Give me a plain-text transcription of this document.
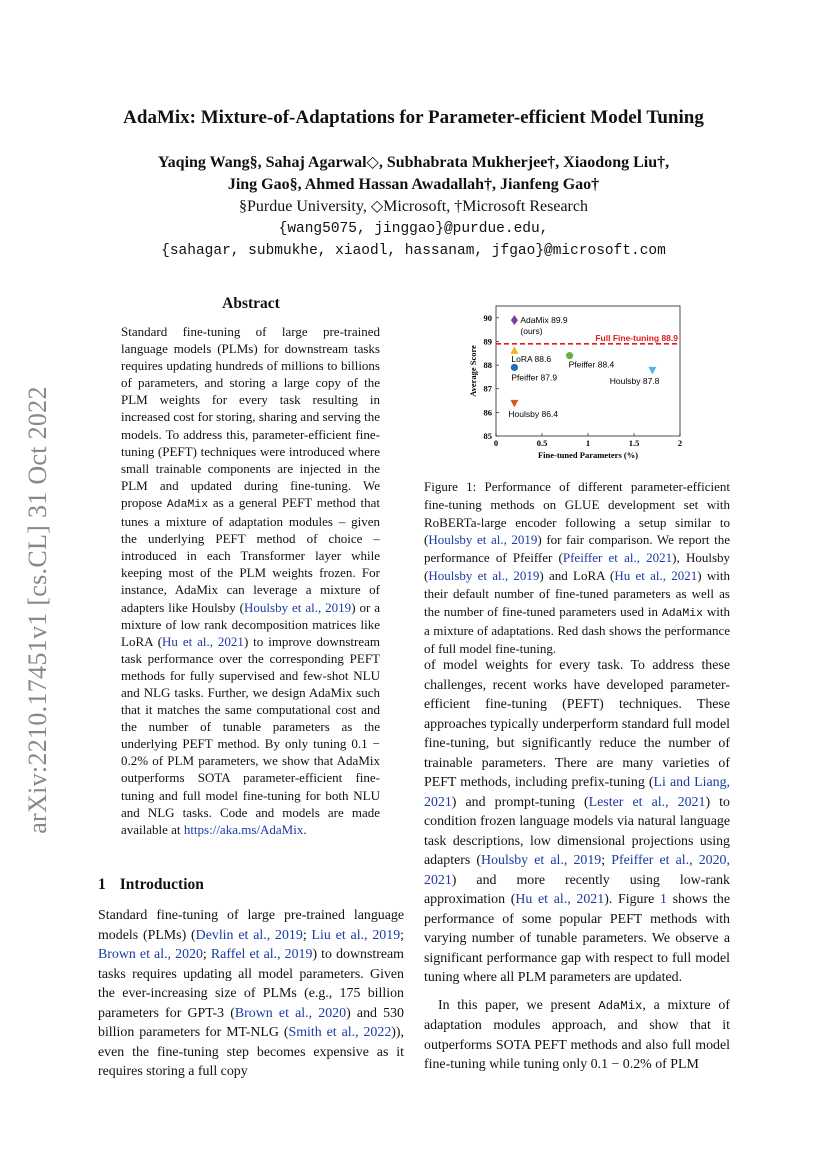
arXiv:2210.17451v1 [cs.CL] 31 Oct 2022
AdaMix: Mixture-of-Adaptations for Parameter-efficient Model Tuning
Yaqing Wang§, Sahaj Agarwal◇, Subhabrata Mukherjee†, Xiaodong Liu†,
Jing Gao§, Ahmed Hassan Awadallah†, Jianfeng Gao†
§Purdue University, ◇Microsoft, †Microsoft Research
{wang5075, jinggao}@purdue.edu,
{sahagar, submukhe, xiaodl, hassanam, jfgao}@microsoft.com
Abstract
Standard fine-tuning of large pre-trained language models (PLMs) for downstream tasks requires updating hundreds of millions to billions of parameters, and storing a large copy of the PLM weights for every task resulting in increased cost for storing, sharing and serving the models. To address this, parameter-efficient fine-tuning (PEFT) techniques were introduced where small trainable components are injected in the PLM and updated during fine-tuning. We propose AdaMix as a general PEFT method that tunes a mixture of adaptation modules – given the underlying PEFT method of choice – introduced in each Transformer layer while keeping most of the PLM weights frozen. For instance, AdaMix can leverage a mixture of adapters like Houlsby (Houlsby et al., 2019) or a mixture of low rank decomposition matrices like LoRA (Hu et al., 2021) to improve downstream task performance over the corresponding PEFT methods for fully supervised and few-shot NLU and NLG tasks. Further, we design AdaMix such that it matches the same computational cost and the number of tunable parameters as the underlying PEFT method. By only tuning 0.1 − 0.2% of PLM parameters, we show that AdaMix outperforms SOTA parameter-efficient fine-tuning and full model fine-tuning for both NLU and NLG tasks. Code and models are made available at https://aka.ms/AdaMix.
1 Introduction
Standard fine-tuning of large pre-trained language models (PLMs) (Devlin et al., 2019; Liu et al., 2019; Brown et al., 2020; Raffel et al., 2019) to downstream tasks requires updating all model parameters. Given the ever-increasing size of PLMs (e.g., 175 billion parameters for GPT-3 (Brown et al., 2020) and 530 billion parameters for MT-NLG (Smith et al., 2022)), even the fine-tuning step becomes expensive as it requires storing a full copy
0	0.5	1	1.5	2
85
86
87
88
89
90
Fine-tuned Parameters (%)
Average Score
Full Fine-tuning 88.9
AdaMix 89.9
(ours)
LoRA 88.6
Pfeiffer 87.9
Pfeiffer 88.4
Houlsby 87.8
Houlsby 86.4
Figure 1: Performance of different parameter-efficient fine-tuning methods on GLUE development set with RoBERTa-large encoder following a setup similar to (Houlsby et al., 2019) for fair comparison. We report the performance of Pfeiffer (Pfeiffer et al., 2021), Houlsby (Houlsby et al., 2019) and LoRA (Hu et al., 2021) with their default number of fine-tuned parameters as well as the number of fine-tuned parameters used in AdaMix with a mixture of adaptations. Red dash shows the performance of full model fine-tuning.

of model weights for every task. To address these challenges, recent works have developed parameter-efficient fine-tuning (PEFT) techniques. These approaches typically underperform standard full model fine-tuning, but significantly reduce the number of trainable parameters. There are many varieties of PEFT methods, including prefix-tuning (Li and Liang, 2021) and prompt-tuning (Lester et al., 2021) to condition frozen language models via natural language task descriptions, low dimensional projections using adapters (Houlsby et al., 2019; Pfeiffer et al., 2020, 2021) and more recently using low-rank approximation (Hu et al., 2021). Figure 1 shows the performance of some popular PEFT methods with varying number of tunable parameters. We observe a significant performance gap with respect to full model tuning where all PLM parameters are updated.

In this paper, we present AdaMix, a mixture of adaptation modules approach, and show that it outperforms SOTA PEFT methods and also full model fine-tuning while tuning only 0.1 − 0.2% of PLM
